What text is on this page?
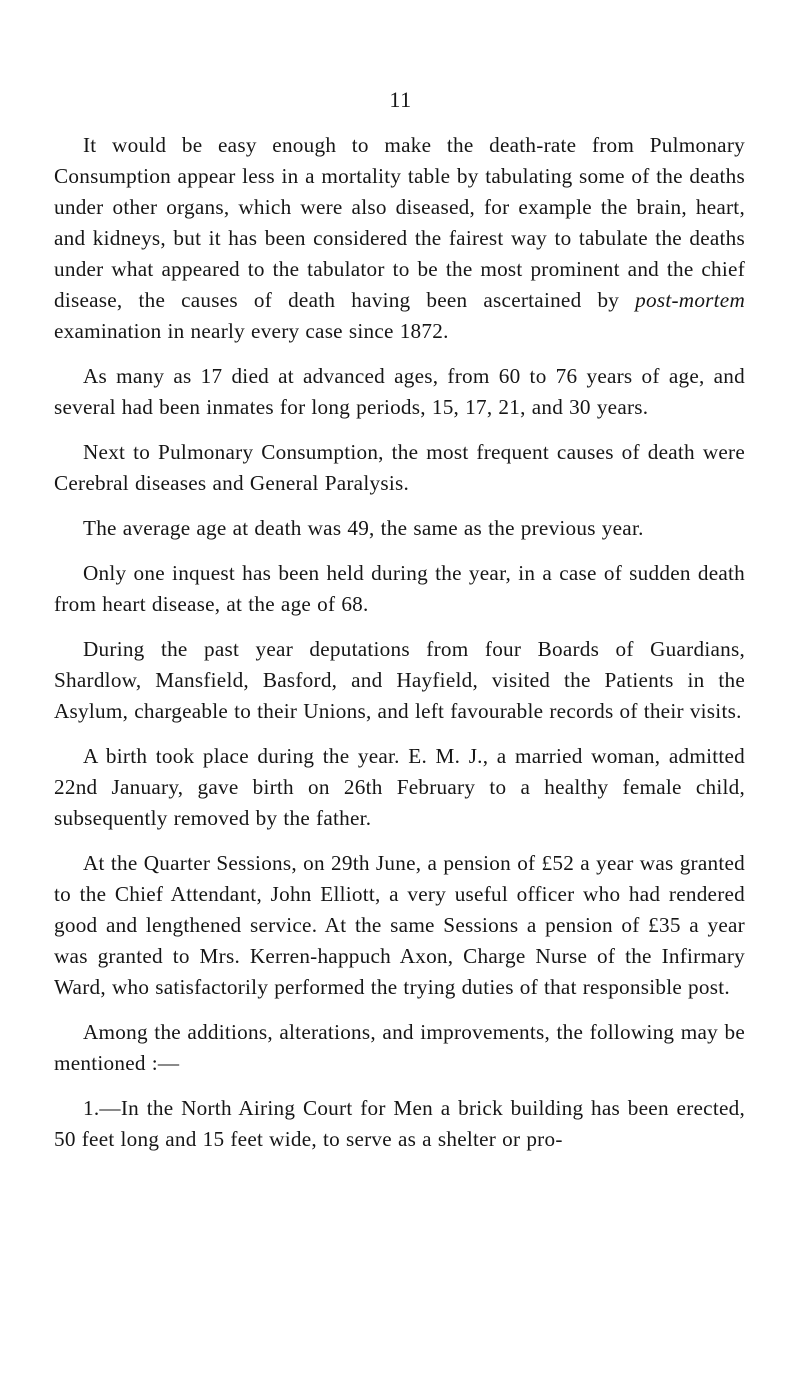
11

It would be easy enough to make the death-rate from Pulmonary Consumption appear less in a mortality table by tabulating some of the deaths under other organs, which were also diseased, for example the brain, heart, and kidneys, but it has been considered the fairest way to tabulate the deaths under what appeared to the tabulator to be the most prominent and the chief disease, the causes of death having been ascertained by post-mortem examination in nearly every case since 1872.

As many as 17 died at advanced ages, from 60 to 76 years of age, and several had been inmates for long periods, 15, 17, 21, and 30 years.

Next to Pulmonary Consumption, the most frequent causes of death were Cerebral diseases and General Paralysis.

The average age at death was 49, the same as the previous year.

Only one inquest has been held during the year, in a case of sudden death from heart disease, at the age of 68.

During the past year deputations from four Boards of Guardians, Shardlow, Mansfield, Basford, and Hayfield, visited the Patients in the Asylum, chargeable to their Unions, and left favourable records of their visits.

A birth took place during the year. E. M. J., a married woman, admitted 22nd January, gave birth on 26th February to a healthy female child, subsequently removed by the father.

At the Quarter Sessions, on 29th June, a pension of £52 a year was granted to the Chief Attendant, John Elliott, a very useful officer who had rendered good and lengthened service. At the same Sessions a pension of £35 a year was granted to Mrs. Kerren-happuch Axon, Charge Nurse of the Infirmary Ward, who satisfactorily performed the trying duties of that responsible post.

Among the additions, alterations, and improvements, the following may be mentioned :—

1.—In the North Airing Court for Men a brick building has been erected, 50 feet long and 15 feet wide, to serve as a shelter or pro-
